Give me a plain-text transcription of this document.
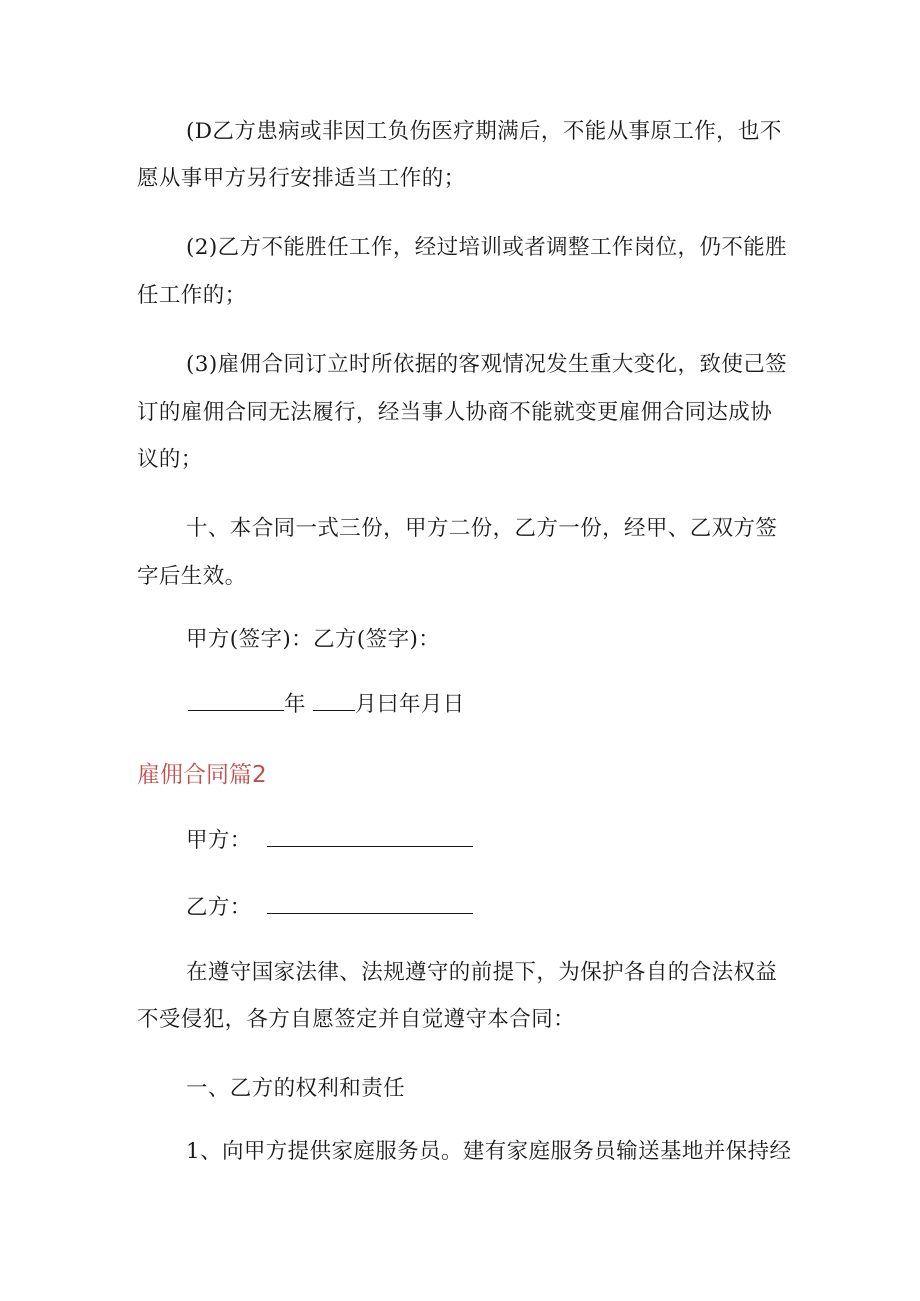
(D乙方患病或非因工负伤医疗期满后，不能从事原工作，也不
愿从事甲方另行安排适当工作的；
(2)乙方不能胜任工作，经过培训或者调整工作岗位，仍不能胜
任工作的；
(3)雇佣合同订立时所依据的客观情况发生重大变化，致使己签
订的雇佣合同无法履行，经当事人协商不能就变更雇佣合同达成协
议的；
十、本合同一式三份，甲方二份，乙方一份，经甲、乙双方签
字后生效。
甲方(签字)：乙方(签字)：
年 月曰年月日
雇佣合同篇2
甲方：
乙方：
在遵守国家法律、法规遵守的前提下，为保护各自的合法权益
不受侵犯，各方自愿签定并自觉遵守本合同：
一、乙方的权利和责任
1、向甲方提供家庭服务员。建有家庭服务员输送基地并保持经
